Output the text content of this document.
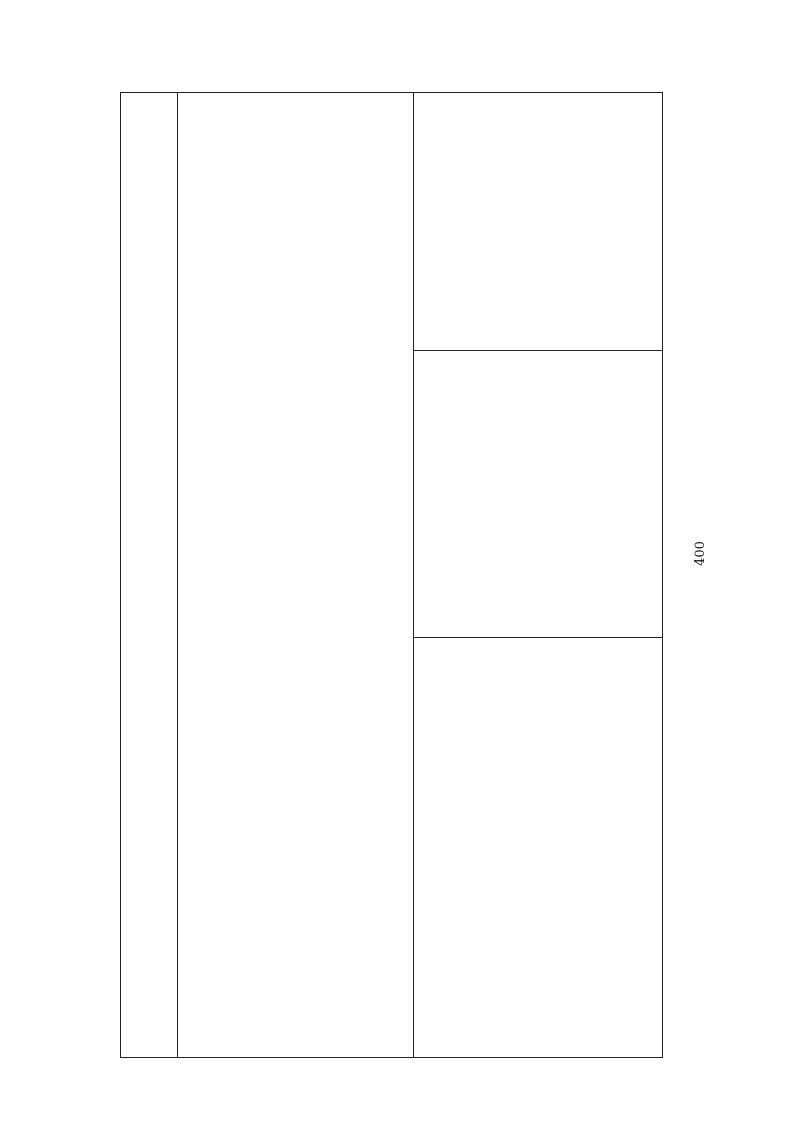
400
